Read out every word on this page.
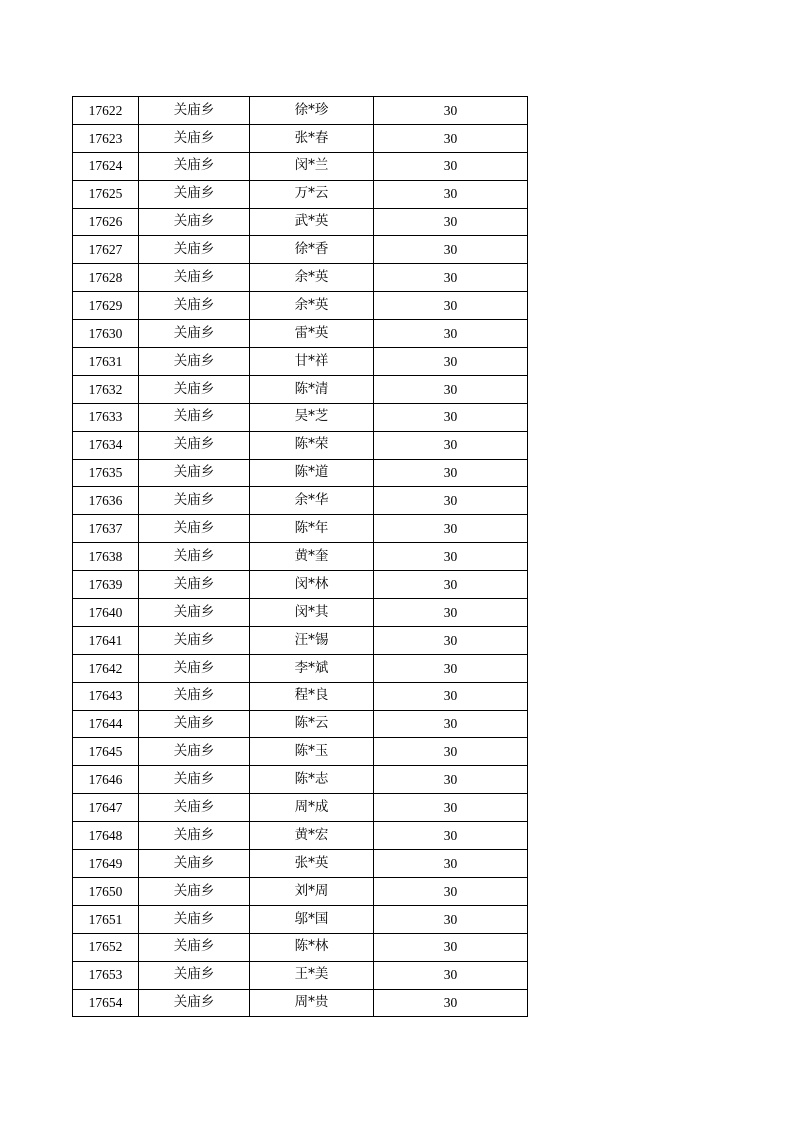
17622	关庙乡	徐*珍	30
17623	关庙乡	张*春	30
17624	关庙乡	闵*兰	30
17625	关庙乡	万*云	30
17626	关庙乡	武*英	30
17627	关庙乡	徐*香	30
17628	关庙乡	余*英	30
17629	关庙乡	余*英	30
17630	关庙乡	雷*英	30
17631	关庙乡	甘*祥	30
17632	关庙乡	陈*清	30
17633	关庙乡	吴*芝	30
17634	关庙乡	陈*荣	30
17635	关庙乡	陈*道	30
17636	关庙乡	余*华	30
17637	关庙乡	陈*年	30
17638	关庙乡	黄*奎	30
17639	关庙乡	闵*林	30
17640	关庙乡	闵*其	30
17641	关庙乡	汪*锡	30
17642	关庙乡	李*斌	30
17643	关庙乡	程*良	30
17644	关庙乡	陈*云	30
17645	关庙乡	陈*玉	30
17646	关庙乡	陈*志	30
17647	关庙乡	周*成	30
17648	关庙乡	黄*宏	30
17649	关庙乡	张*英	30
17650	关庙乡	刘*周	30
17651	关庙乡	邬*国	30
17652	关庙乡	陈*林	30
17653	关庙乡	王*美	30
17654	关庙乡	周*贵	30
